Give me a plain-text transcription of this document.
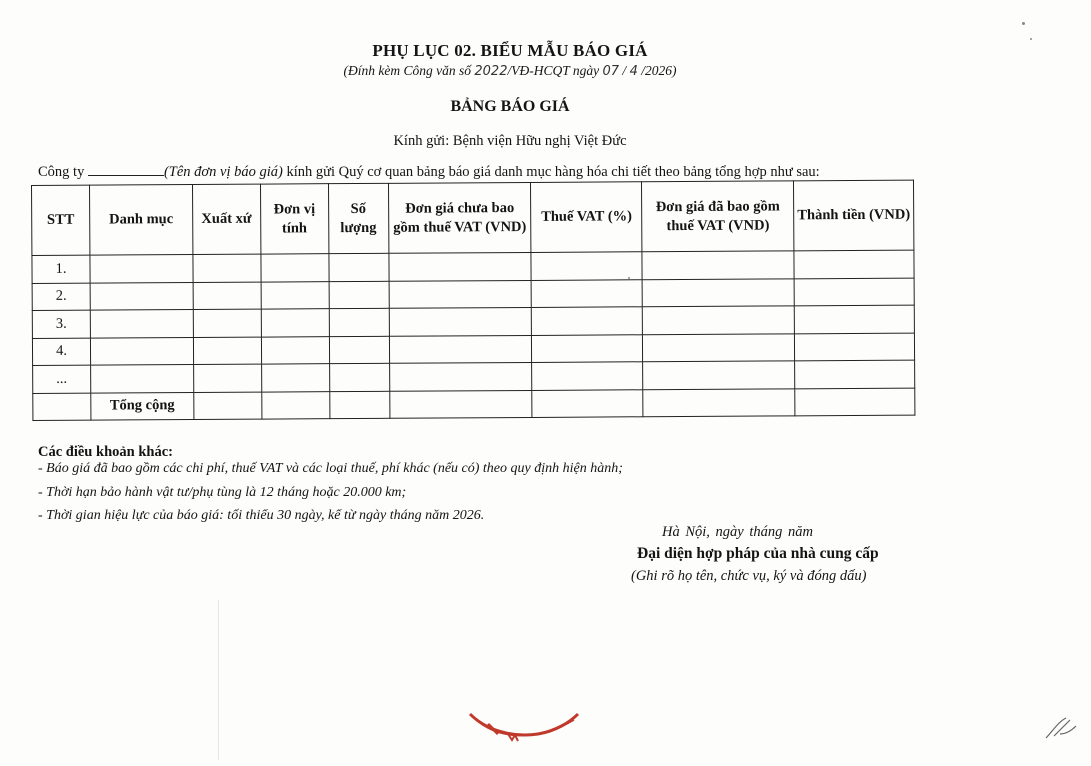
PHỤ LỤC 02. BIỂU MẪU BÁO GIÁ
(Đính kèm Công văn số 2022/VĐ-HCQT ngày 07 / 4 /2026)
BẢNG BÁO GIÁ
Kính gửi: Bệnh viện Hữu nghị Việt Đức
Công ty	(Tên đơn vị báo giá) kính gửi Quý cơ quan bảng báo giá danh mục hàng hóa chi tiết theo bảng tổng hợp như sau:
STT	Danh mục	Xuất xứ	Đơn vị tính	Số lượng	Đơn giá chưa bao gồm thuế VAT (VND)	Thuế VAT (%)	Đơn giá đã bao gồm thuế VAT (VND)	Thành tiền (VND)
1.								
2.								
3.								
4.								
...								
	Tổng cộng							
Các điều khoản khác:
- Báo giá đã bao gồm các chi phí, thuế VAT và các loại thuế, phí khác (nếu có) theo quy định hiện hành;
- Thời hạn bảo hành vật tư/phụ tùng là 12 tháng hoặc 20.000 km;
- Thời gian hiệu lực của báo giá: tối thiểu 30 ngày, kể từ ngày tháng năm 2026.
Hà Nội, ngày tháng năm
Đại diện hợp pháp của nhà cung cấp
(Ghi rõ họ tên, chức vụ, ký và đóng dấu)
